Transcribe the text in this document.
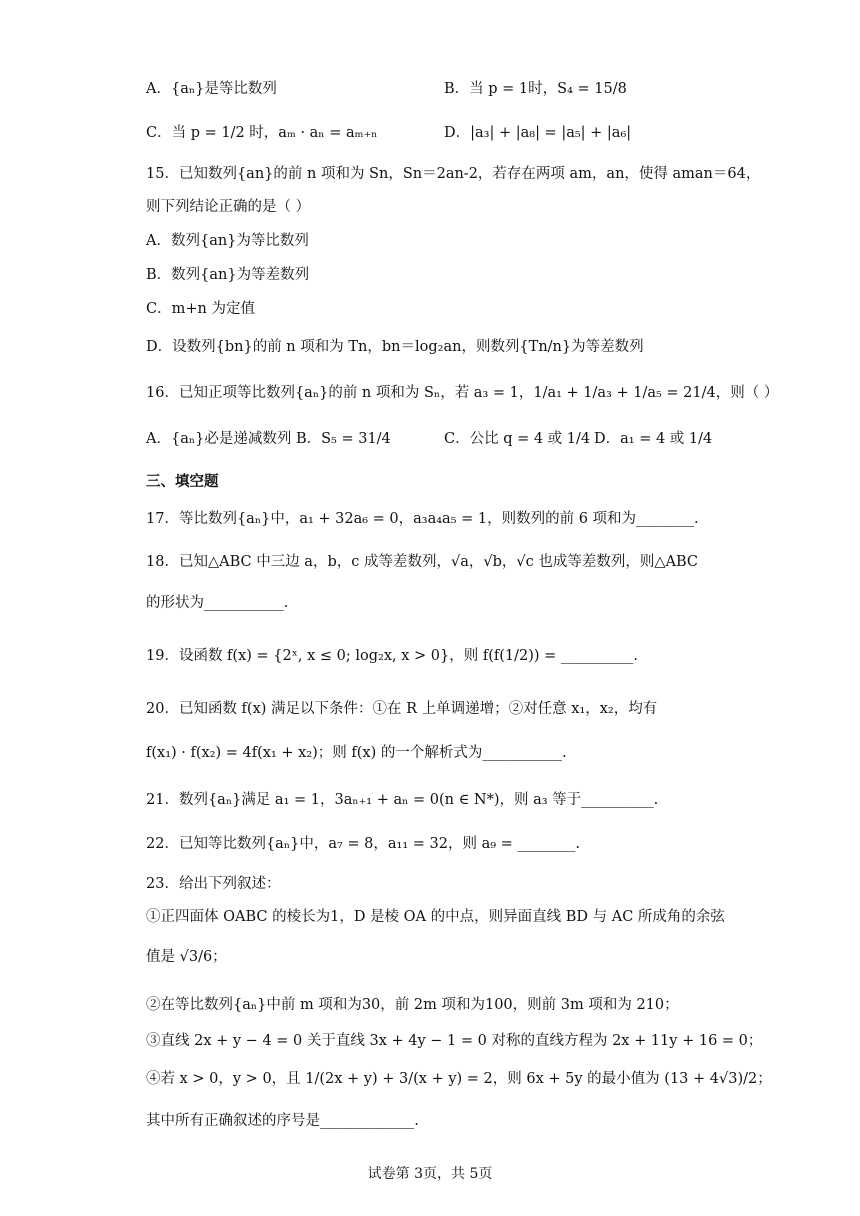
A．{aₙ}是等比数列	B．当 p = 1时，S₄ = 15/8
C．当 p = 1/2 时，aₘ · aₙ = aₘ₊ₙ	D．|a₃| + |a₈| = |a₅| + |a₆|
15．已知数列{an}的前 n 项和为 Sn，Sn＝2an-2，若存在两项 am，an，使得 aman＝64，
则下列结论正确的是（ ）
A．数列{an}为等比数列
B．数列{an}为等差数列
C．m+n 为定值
D．设数列{bn}的前 n 项和为 Tn，bn＝log₂an，则数列{Tn/n}为等差数列
16．已知正项等比数列{aₙ}的前 n 项和为 Sₙ，若 a₃ = 1，1/a₁ + 1/a₃ + 1/a₅ = 21/4，则（ ）
A．{aₙ}必是递减数列 B．S₅ = 31/4	C．公比 q = 4 或 1/4 D．a₁ = 4 或 1/4
三、填空题
17．等比数列{aₙ}中，a₁ + 32a₆ = 0，a₃a₄a₅ = 1，则数列的前 6 项和为________.
18．已知△ABC 中三边 a，b，c 成等差数列，√a，√b，√c 也成等差数列，则△ABC
的形状为___________.
19．设函数 f(x) = {2ˣ, x ≤ 0; log₂x, x > 0}，则 f(f(1/2)) = __________.
20．已知函数 f(x) 满足以下条件：①在 R 上单调递增；②对任意 x₁，x₂，均有
f(x₁) · f(x₂) = 4f(x₁ + x₂)；则 f(x) 的一个解析式为___________.
21．数列{aₙ}满足 a₁ = 1，3aₙ₊₁ + aₙ = 0(n ∈ N*)，则 a₃ 等于__________.
22．已知等比数列{aₙ}中，a₇ = 8，a₁₁ = 32，则 a₉ = ________.
23．给出下列叙述：
①正四面体 OABC 的棱长为1，D 是棱 OA 的中点，则异面直线 BD 与 AC 所成角的余弦
值是 √3/6；
②在等比数列{aₙ}中前 m 项和为30，前 2m 项和为100，则前 3m 项和为 210；
③直线 2x + y − 4 = 0 关于直线 3x + 4y − 1 = 0 对称的直线方程为 2x + 11y + 16 = 0；
④若 x > 0，y > 0，且 1/(2x + y) + 3/(x + y) = 2，则 6x + 5y 的最小值为 (13 + 4√3)/2；
其中所有正确叙述的序号是_____________.
试卷第 3页，共 5页
